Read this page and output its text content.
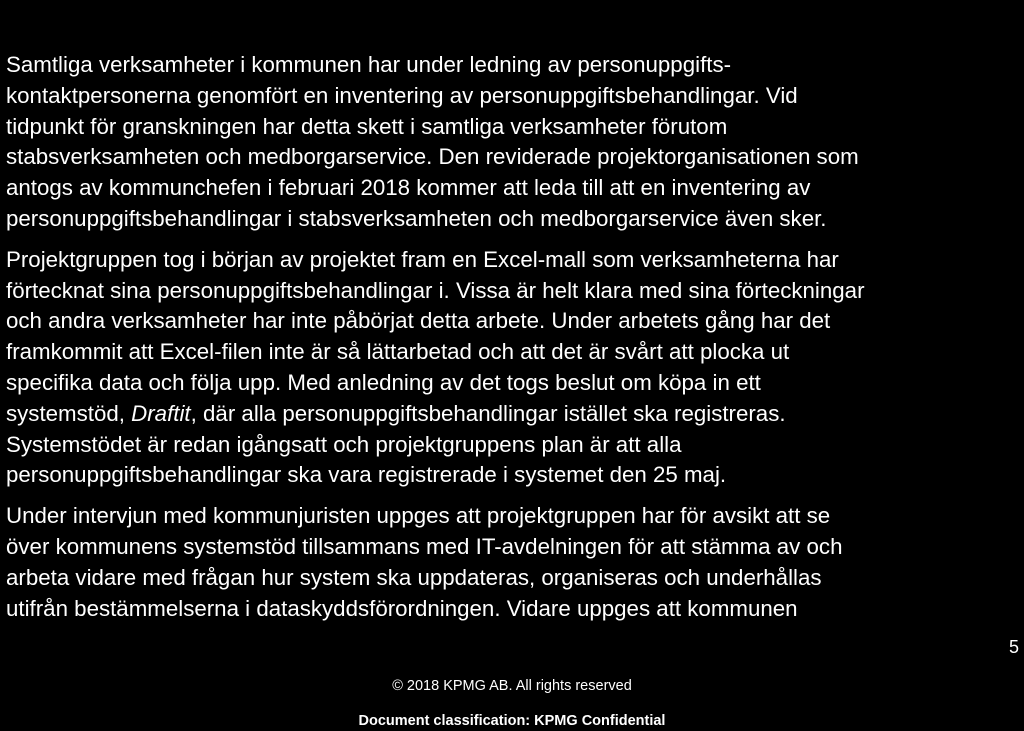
Samtliga verksamheter i kommunen har under ledning av personuppgifts-
kontaktpersonerna genomfört en inventering av personuppgiftsbehandlingar. Vid
tidpunkt för granskningen har detta skett i samtliga verksamheter förutom
stabsverksamheten och medborgarservice. Den reviderade projektorganisationen som
antogs av kommunchefen i februari 2018 kommer att leda till att en inventering av
personuppgiftsbehandlingar i stabsverksamheten och medborgarservice även sker.

Projektgruppen tog i början av projektet fram en Excel-mall som verksamheterna har
förtecknat sina personuppgiftsbehandlingar i. Vissa är helt klara med sina förteckningar
och andra verksamheter har inte påbörjat detta arbete. Under arbetets gång har det
framkommit att Excel-filen inte är så lättarbetad och att det är svårt att plocka ut
specifika data och följa upp. Med anledning av det togs beslut om köpa in ett
systemstöd, Draftit, där alla personuppgiftsbehandlingar istället ska registreras.
Systemstödet är redan igångsatt och projektgruppens plan är att alla
personuppgiftsbehandlingar ska vara registrerade i systemet den 25 maj.

Under intervjun med kommunjuristen uppges att projektgruppen har för avsikt att se
över kommunens systemstöd tillsammans med IT-avdelningen för att stämma av och
arbeta vidare med frågan hur system ska uppdateras, organiseras och underhållas
utifrån bestämmelserna i dataskyddsförordningen. Vidare uppges att kommunen

5
© 2018 KPMG AB. All rights reserved
Document classification: KPMG Confidential
